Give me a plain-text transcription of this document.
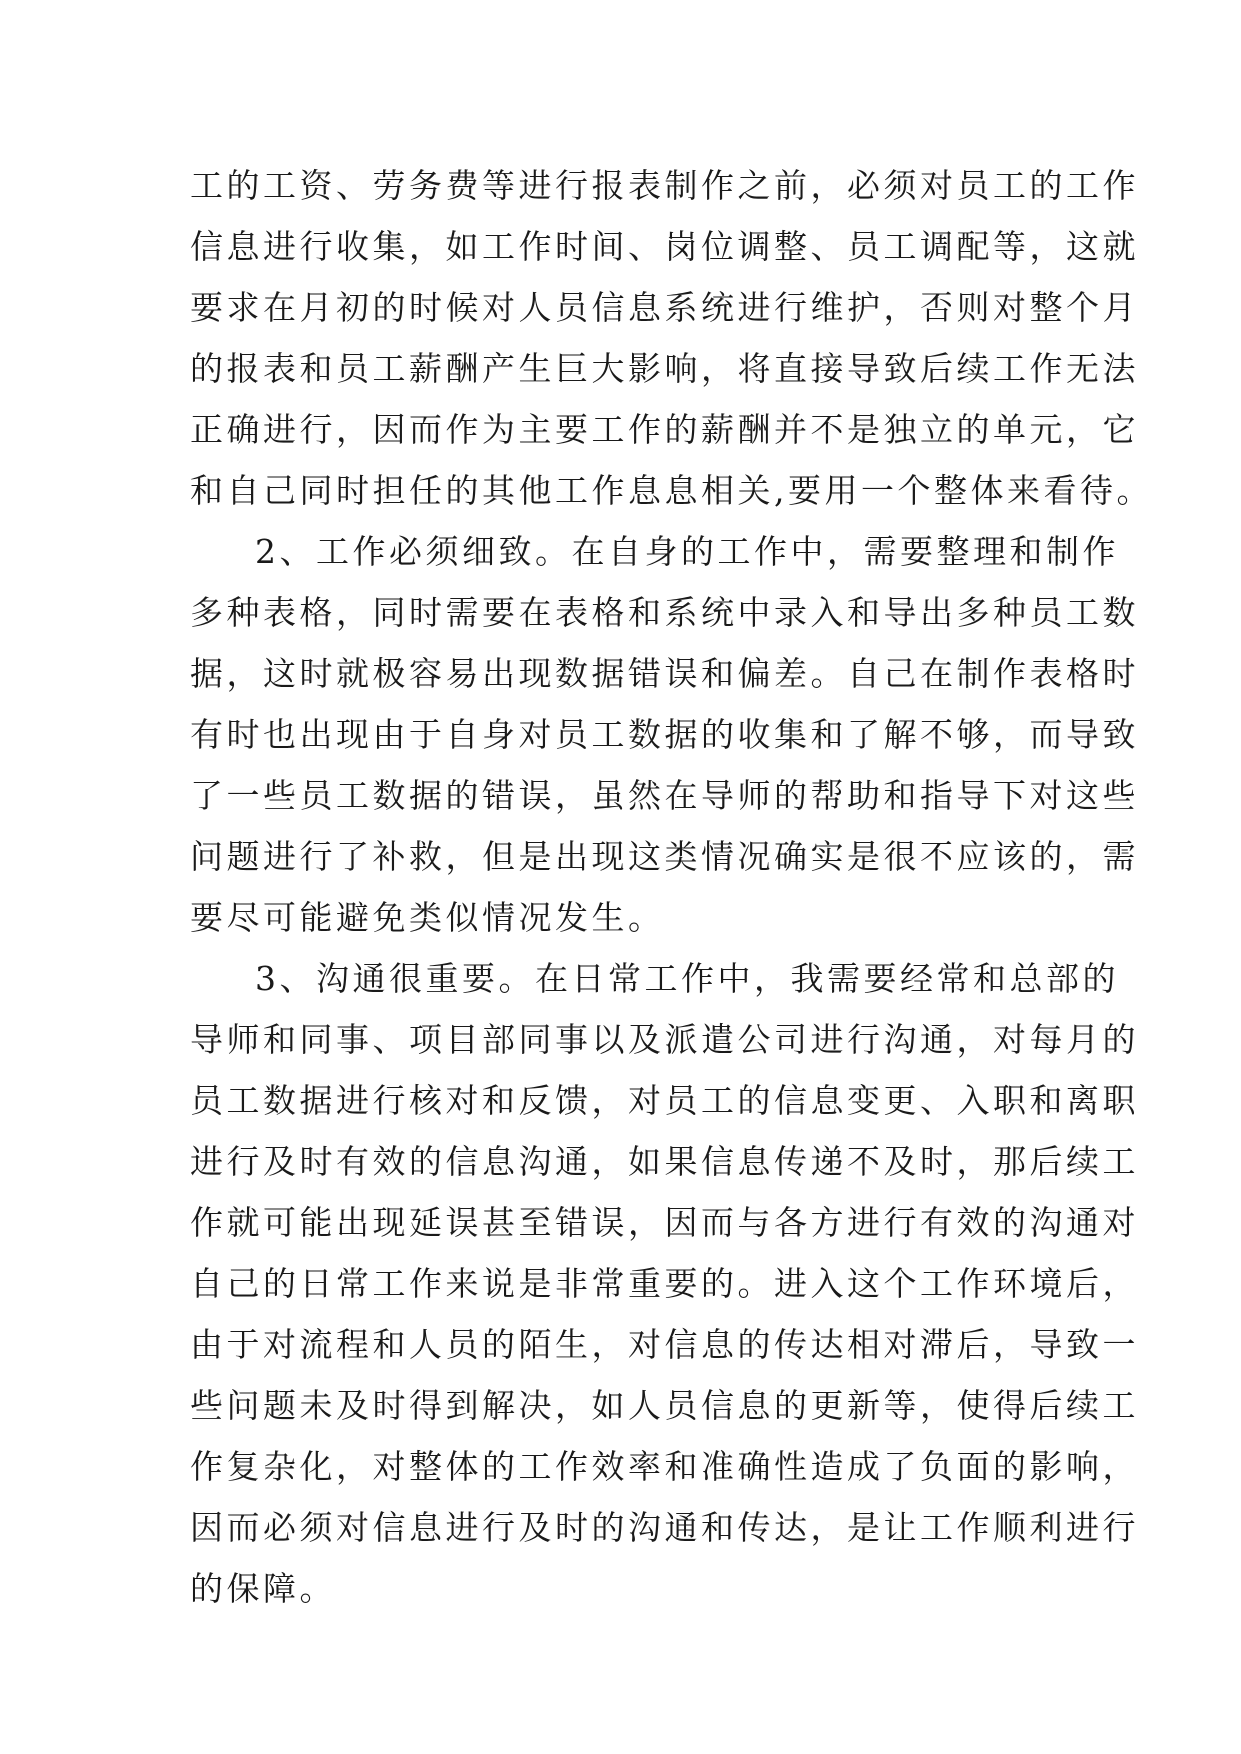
工的工资、劳务费等进行报表制作之前，必须对员工的工作
信息进行收集，如工作时间、岗位调整、员工调配等，这就
要求在月初的时候对人员信息系统进行维护，否则对整个月
的报表和员工薪酬产生巨大影响，将直接导致后续工作无法
正确进行，因而作为主要工作的薪酬并不是独立的单元，它
和自己同时担任的其他工作息息相关,要用一个整体来看待。
2、工作必须细致。在自身的工作中，需要整理和制作
多种表格，同时需要在表格和系统中录入和导出多种员工数
据，这时就极容易出现数据错误和偏差。自己在制作表格时
有时也出现由于自身对员工数据的收集和了解不够，而导致
了一些员工数据的错误，虽然在导师的帮助和指导下对这些
问题进行了补救，但是出现这类情况确实是很不应该的，需
要尽可能避免类似情况发生。
3、沟通很重要。在日常工作中，我需要经常和总部的
导师和同事、项目部同事以及派遣公司进行沟通，对每月的
员工数据进行核对和反馈，对员工的信息变更、入职和离职
进行及时有效的信息沟通，如果信息传递不及时，那后续工
作就可能出现延误甚至错误，因而与各方进行有效的沟通对
自己的日常工作来说是非常重要的。进入这个工作环境后，
由于对流程和人员的陌生，对信息的传达相对滞后，导致一
些问题未及时得到解决，如人员信息的更新等，使得后续工
作复杂化，对整体的工作效率和准确性造成了负面的影响，
因而必须对信息进行及时的沟通和传达，是让工作顺利进行
的保障。
